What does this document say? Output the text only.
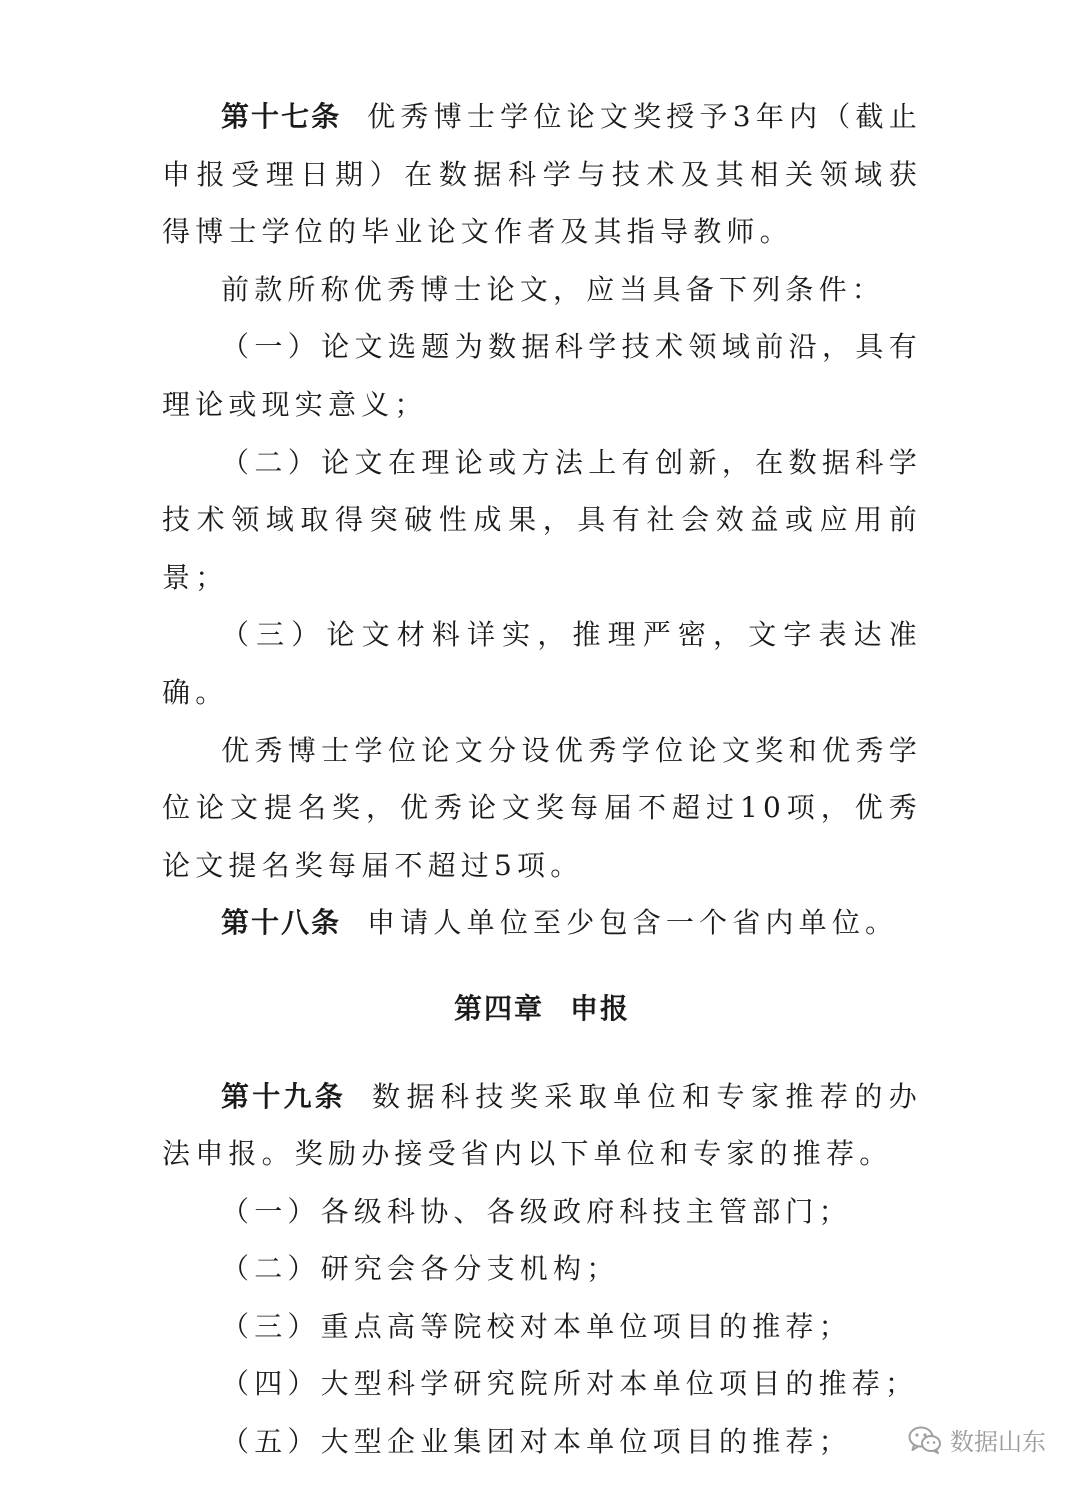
第十七条 优秀博士学位论文奖授予3年内（截止申报受理日期）在数据科学与技术及其相关领域获得博士学位的毕业论文作者及其指导教师。

前款所称优秀博士论文，应当具备下列条件：

（一）论文选题为数据科学技术领域前沿，具有理论或现实意义；

（二）论文在理论或方法上有创新，在数据科学技术领域取得突破性成果，具有社会效益或应用前景；

（三）论文材料详实，推理严密，文字表达准确。

优秀博士学位论文分设优秀学位论文奖和优秀学位论文提名奖，优秀论文奖每届不超过10项，优秀论文提名奖每届不超过5项。

第十八条 申请人单位至少包含一个省内单位。

第四章 申报

第十九条 数据科技奖采取单位和专家推荐的办法申报。奖励办接受省内以下单位和专家的推荐。

（一）各级科协、各级政府科技主管部门；

（二）研究会各分支机构；

（三）重点高等院校对本单位项目的推荐；

（四）大型科学研究院所对本单位项目的推荐；

（五）大型企业集团对本单位项目的推荐；	数据山东
